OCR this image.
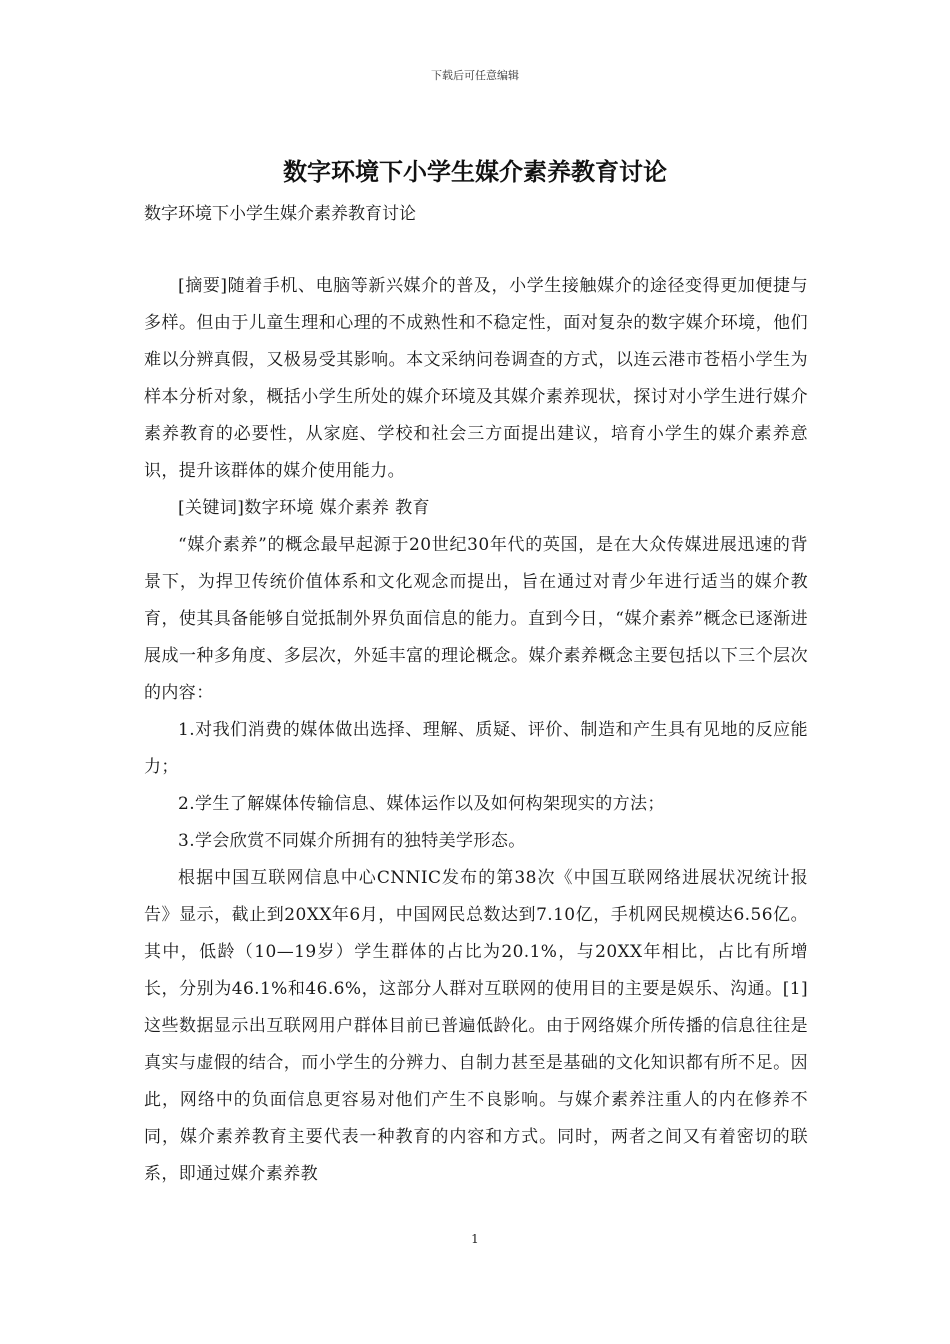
下载后可任意编辑
数字环境下小学生媒介素养教育讨论
数字环境下小学生媒介素养教育讨论

[摘要]随着手机、电脑等新兴媒介的普及，小学生接触媒介的途径变得更加便捷与多样。但由于儿童生理和心理的不成熟性和不稳定性，面对复杂的数字媒介环境，他们难以分辨真假，又极易受其影响。本文采纳问卷调查的方式，以连云港市苍梧小学生为样本分析对象，概括小学生所处的媒介环境及其媒介素养现状，探讨对小学生进行媒介素养教育的必要性，从家庭、学校和社会三方面提出建议，培育小学生的媒介素养意识，提升该群体的媒介使用能力。

[关键词]数字环境 媒介素养 教育

“媒介素养”的概念最早起源于20世纪30年代的英国，是在大众传媒进展迅速的背景下，为捍卫传统价值体系和文化观念而提出，旨在通过对青少年进行适当的媒介教育，使其具备能够自觉抵制外界负面信息的能力。直到今日，“媒介素养”概念已逐渐进展成一种多角度、多层次，外延丰富的理论概念。媒介素养概念主要包括以下三个层次的内容：

1.对我们消费的媒体做出选择、理解、质疑、评价、制造和产生具有见地的反应能力；

2.学生了解媒体传输信息、媒体运作以及如何构架现实的方法；

3.学会欣赏不同媒介所拥有的独特美学形态。

根据中国互联网信息中心CNNIC发布的第38次《中国互联网络进展状况统计报告》显示，截止到20XX年6月，中国网民总数达到7.10亿，手机网民规模达6.56亿。其中，低龄（10—19岁）学生群体的占比为20.1%，与20XX年相比，占比有所增长，分别为46.1%和46.6%，这部分人群对互联网的使用目的主要是娱乐、沟通。[1]这些数据显示出互联网用户群体目前已普遍低龄化。由于网络媒介所传播的信息往往是真实与虚假的结合，而小学生的分辨力、自制力甚至是基础的文化知识都有所不足。因此，网络中的负面信息更容易对他们产生不良影响。与媒介素养注重人的内在修养不同，媒介素养教育主要代表一种教育的内容和方式。同时，两者之间又有着密切的联系，即通过媒介素养教

1
